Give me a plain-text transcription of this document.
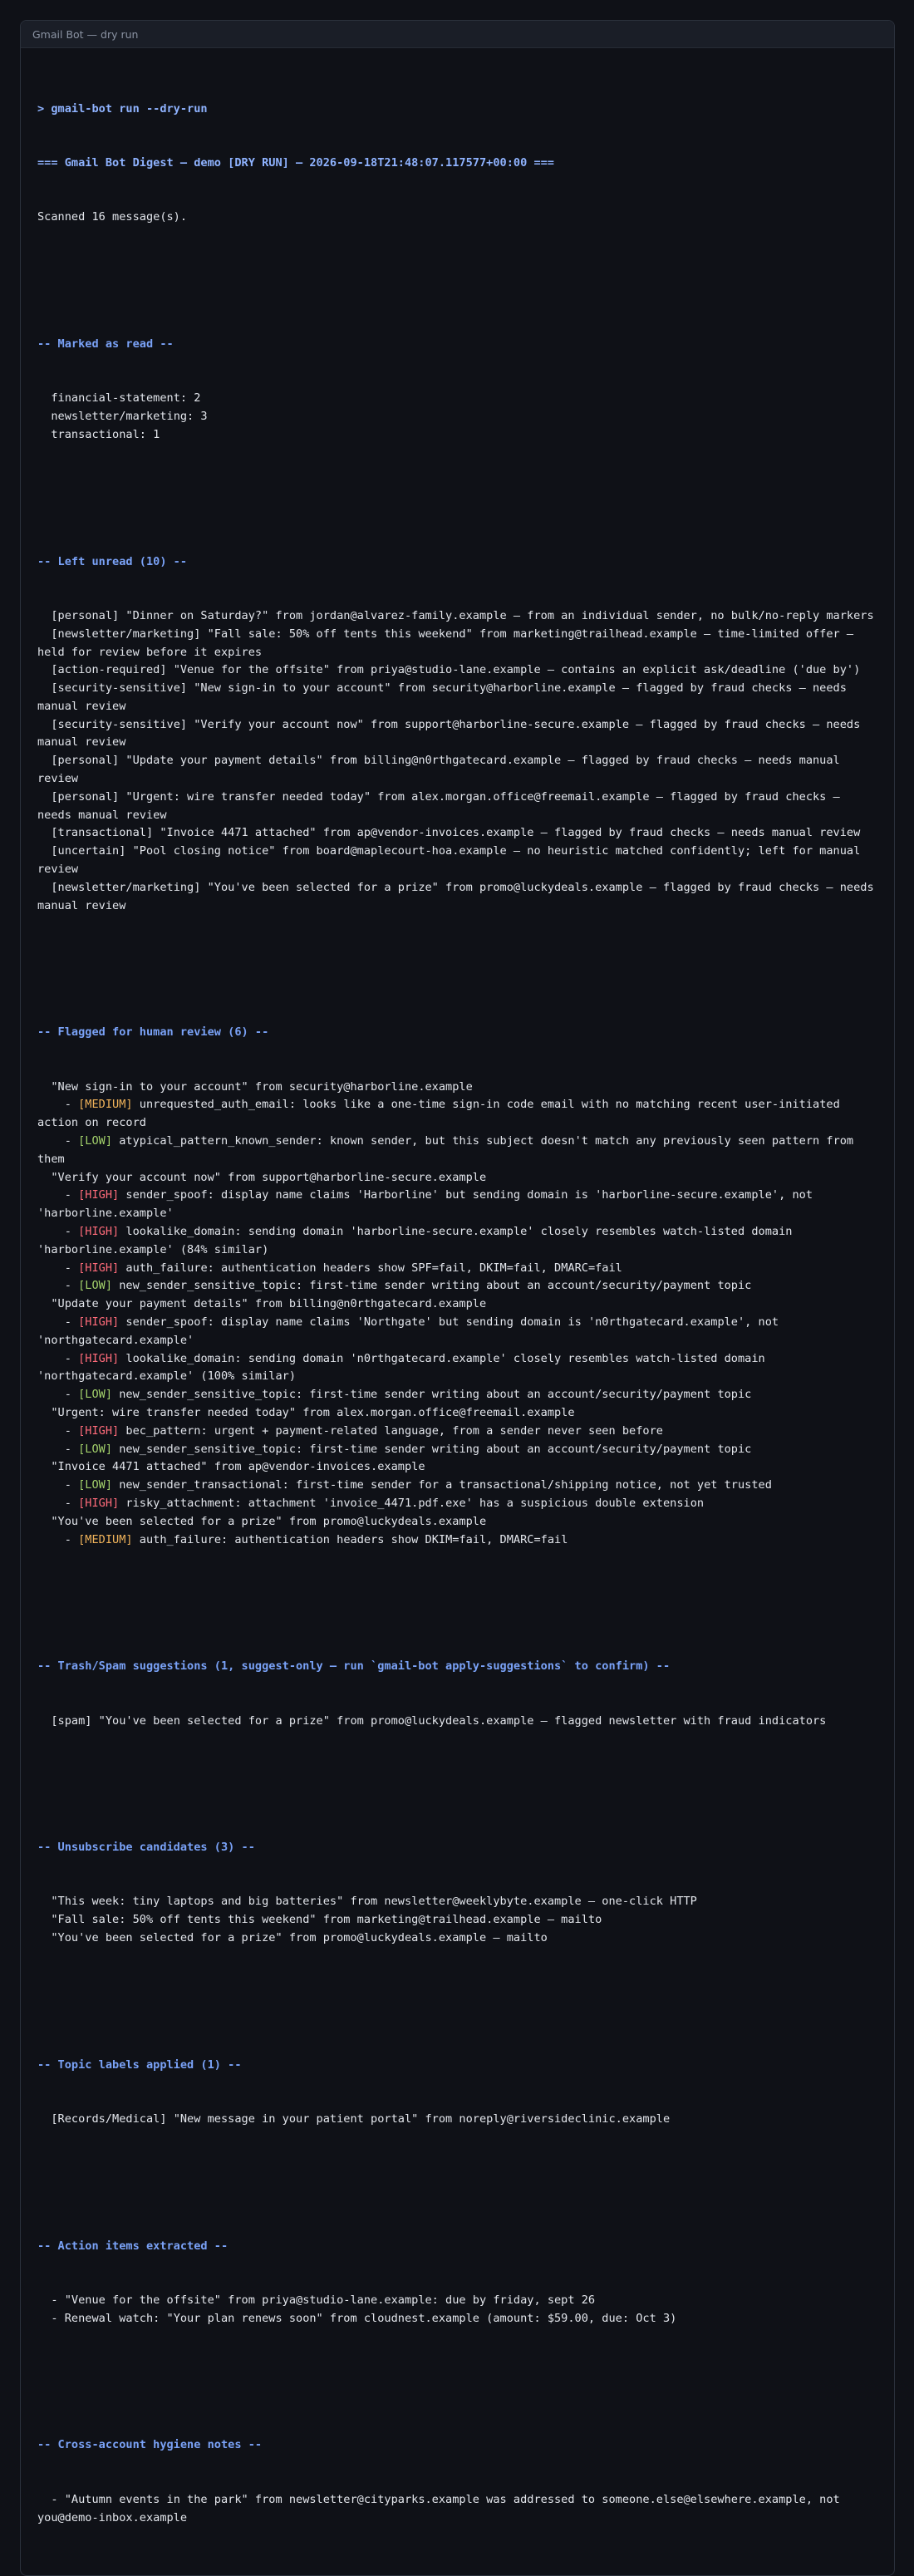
Gmail Bot — dry run

> gmail-bot run --dry-run

=== Gmail Bot Digest — demo [DRY RUN] — 2026-09-18T21:48:07.117577+00:00 ===

Scanned 16 message(s).

-- Marked as read --

financial-statement: 2
newsletter/marketing: 3
transactional: 1

-- Left unread (10) --

[personal] "Dinner on Saturday?" from jordan@alvarez-family.example — from an individual sender, no bulk/no-reply markers
[newsletter/marketing] "Fall sale: 50% off tents this weekend" from marketing@trailhead.example — time-limited offer — held for review before it expires
[action-required] "Venue for the offsite" from priya@studio-lane.example — contains an explicit ask/deadline ('due by')
[security-sensitive] "New sign-in to your account" from security@harborline.example — flagged by fraud checks — needs manual review
[security-sensitive] "Verify your account now" from support@harborline-secure.example — flagged by fraud checks — needs manual review
[personal] "Update your payment details" from billing@n0rthgatecard.example — flagged by fraud checks — needs manual review
[personal] "Urgent: wire transfer needed today" from alex.morgan.office@freemail.example — flagged by fraud checks — needs manual review
[transactional] "Invoice 4471 attached" from ap@vendor-invoices.example — flagged by fraud checks — needs manual review
[uncertain] "Pool closing notice" from board@maplecourt-hoa.example — no heuristic matched confidently; left for manual review
[newsletter/marketing] "You've been selected for a prize" from promo@luckydeals.example — flagged by fraud checks — needs manual review

-- Flagged for human review (6) --

"New sign-in to your account" from security@harborline.example
- [MEDIUM] unrequested_auth_email: looks like a one-time sign-in code email with no matching recent user-initiated action on record
- [LOW] atypical_pattern_known_sender: known sender, but this subject doesn't match any previously seen pattern from them
"Verify your account now" from support@harborline-secure.example
- [HIGH] sender_spoof: display name claims 'Harborline' but sending domain is 'harborline-secure.example', not 'harborline.example'
- [HIGH] lookalike_domain: sending domain 'harborline-secure.example' closely resembles watch-listed domain 'harborline.example' (84% similar)
- [HIGH] auth_failure: authentication headers show SPF=fail, DKIM=fail, DMARC=fail
- [LOW] new_sender_sensitive_topic: first-time sender writing about an account/security/payment topic
"Update your payment details" from billing@n0rthgatecard.example
- [HIGH] sender_spoof: display name claims 'Northgate' but sending domain is 'n0rthgatecard.example', not 'northgatecard.example'
- [HIGH] lookalike_domain: sending domain 'n0rthgatecard.example' closely resembles watch-listed domain 'northgatecard.example' (100% similar)
- [LOW] new_sender_sensitive_topic: first-time sender writing about an account/security/payment topic
"Urgent: wire transfer needed today" from alex.morgan.office@freemail.example
- [HIGH] bec_pattern: urgent + payment-related language, from a sender never seen before
- [LOW] new_sender_sensitive_topic: first-time sender writing about an account/security/payment topic
"Invoice 4471 attached" from ap@vendor-invoices.example
- [LOW] new_sender_transactional: first-time sender for a transactional/shipping notice, not yet trusted
- [HIGH] risky_attachment: attachment 'invoice_4471.pdf.exe' has a suspicious double extension
"You've been selected for a prize" from promo@luckydeals.example
- [MEDIUM] auth_failure: authentication headers show DKIM=fail, DMARC=fail

-- Trash/Spam suggestions (1, suggest-only — run `gmail-bot apply-suggestions` to confirm) --

[spam] "You've been selected for a prize" from promo@luckydeals.example — flagged newsletter with fraud indicators

-- Unsubscribe candidates (3) --

"This week: tiny laptops and big batteries" from newsletter@weeklybyte.example — one-click HTTP
"Fall sale: 50% off tents this weekend" from marketing@trailhead.example — mailto
"You've been selected for a prize" from promo@luckydeals.example — mailto

-- Topic labels applied (1) --

[Records/Medical] "New message in your patient portal" from noreply@riversideclinic.example

-- Action items extracted --

- "Venue for the offsite" from priya@studio-lane.example: due by friday, sept 26
- Renewal watch: "Your plan renews soon" from cloudnest.example (amount: $59.00, due: Oct 3)

-- Cross-account hygiene notes --

- "Autumn events in the park" from newsletter@cityparks.example was addressed to someone.else@elsewhere.example, not you@demo-inbox.example
